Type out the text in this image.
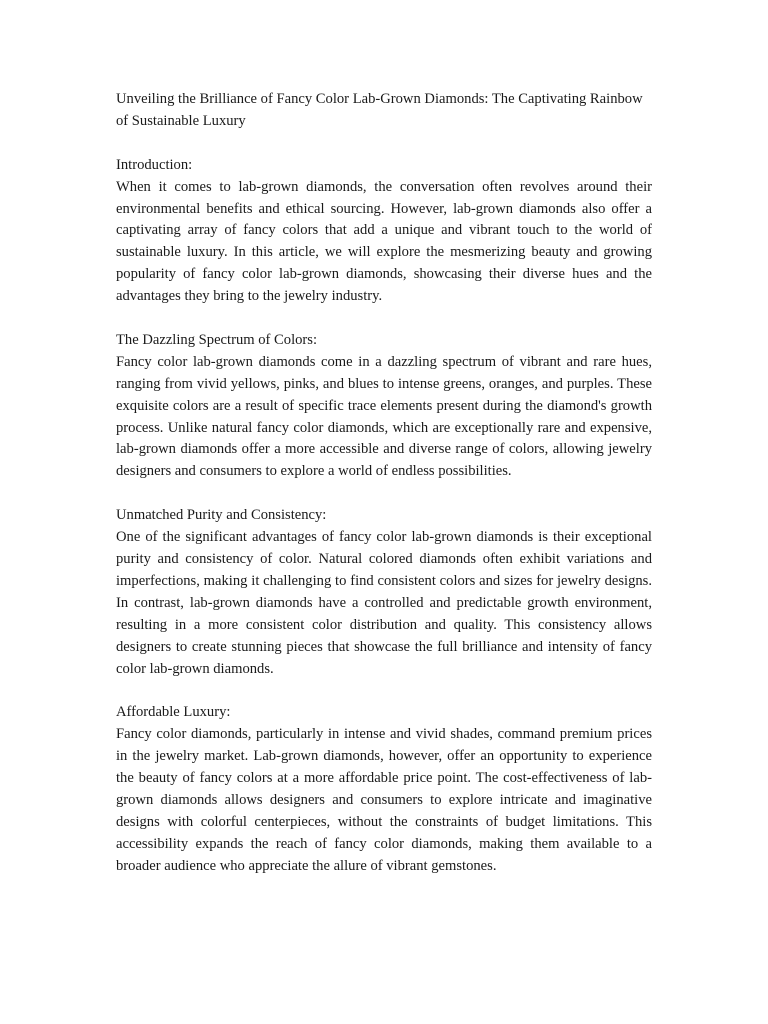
Unveiling the Brilliance of Fancy Color Lab-Grown Diamonds: The Captivating Rainbow of Sustainable Luxury

Introduction:

When it comes to lab-grown diamonds, the conversation often revolves around their environmental benefits and ethical sourcing. However, lab-grown diamonds also offer a captivating array of fancy colors that add a unique and vibrant touch to the world of sustainable luxury. In this article, we will explore the mesmerizing beauty and growing popularity of fancy color lab-grown diamonds, showcasing their diverse hues and the advantages they bring to the jewelry industry.

The Dazzling Spectrum of Colors:

Fancy color lab-grown diamonds come in a dazzling spectrum of vibrant and rare hues, ranging from vivid yellows, pinks, and blues to intense greens, oranges, and purples. These exquisite colors are a result of specific trace elements present during the diamond's growth process. Unlike natural fancy color diamonds, which are exceptionally rare and expensive, lab-grown diamonds offer a more accessible and diverse range of colors, allowing jewelry designers and consumers to explore a world of endless possibilities.

Unmatched Purity and Consistency:

One of the significant advantages of fancy color lab-grown diamonds is their exceptional purity and consistency of color. Natural colored diamonds often exhibit variations and imperfections, making it challenging to find consistent colors and sizes for jewelry designs. In contrast, lab-grown diamonds have a controlled and predictable growth environment, resulting in a more consistent color distribution and quality. This consistency allows designers to create stunning pieces that showcase the full brilliance and intensity of fancy color lab-grown diamonds.

Affordable Luxury:

Fancy color diamonds, particularly in intense and vivid shades, command premium prices in the jewelry market. Lab-grown diamonds, however, offer an opportunity to experience the beauty of fancy colors at a more affordable price point. The cost-effectiveness of lab-grown diamonds allows designers and consumers to explore intricate and imaginative designs with colorful centerpieces, without the constraints of budget limitations. This accessibility expands the reach of fancy color diamonds, making them available to a broader audience who appreciate the allure of vibrant gemstones.
